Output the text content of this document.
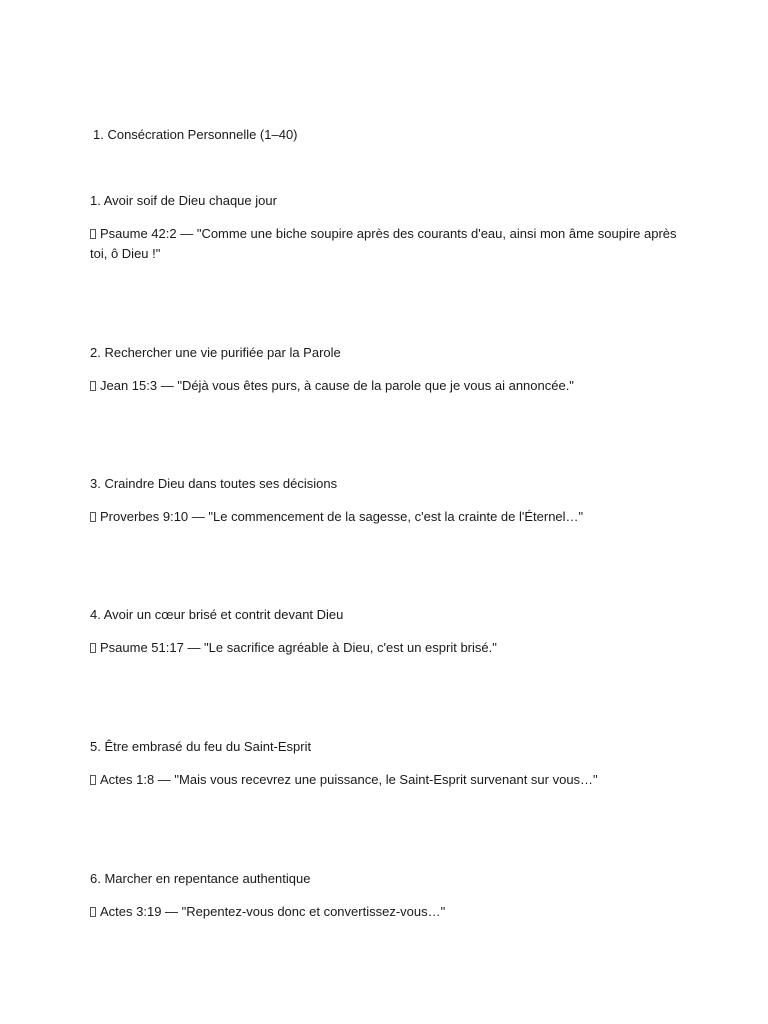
1. Consécration Personnelle (1–40)
1. Avoir soif de Dieu chaque jour
Psaume 42:2 — "Comme une biche soupire après des courants d'eau, ainsi mon âme soupire après toi, ô Dieu !"
2. Rechercher une vie purifiée par la Parole
Jean 15:3 — "Déjà vous êtes purs, à cause de la parole que je vous ai annoncée."
3. Craindre Dieu dans toutes ses décisions
Proverbes 9:10 — "Le commencement de la sagesse, c'est la crainte de l'Éternel…"
4. Avoir un cœur brisé et contrit devant Dieu
Psaume 51:17 — "Le sacrifice agréable à Dieu, c'est un esprit brisé."
5. Être embrasé du feu du Saint-Esprit
Actes 1:8 — "Mais vous recevrez une puissance, le Saint-Esprit survenant sur vous…"
6. Marcher en repentance authentique
Actes 3:19 — "Repentez-vous donc et convertissez-vous…"
